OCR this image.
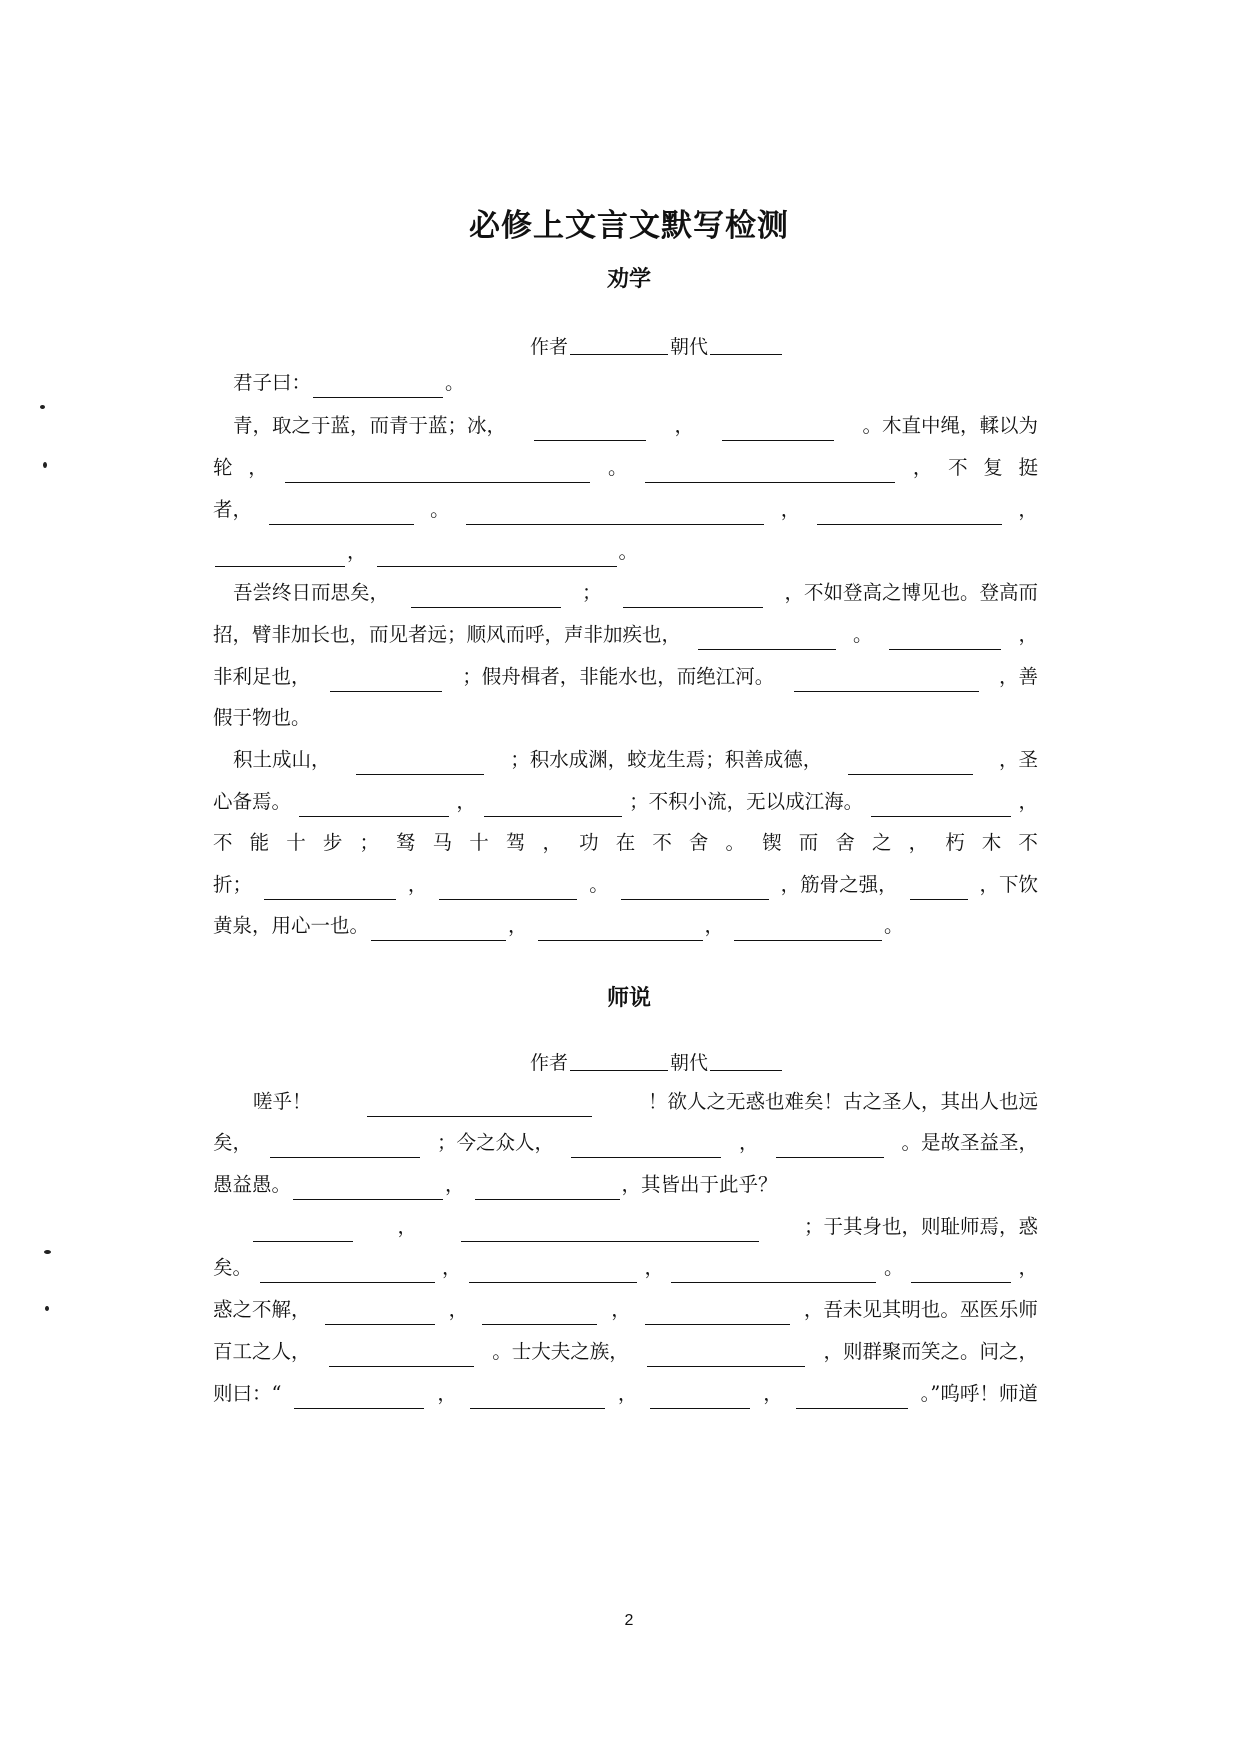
必修上文言文默写检测
劝学
作者	朝代
君子曰：	。
青，取之于蓝，而青于蓝；冰，	，	。木直中绳，輮以为
轮 ，	。	， 不 复 挺
者，	。	，	，
，	。
吾尝终日而思矣，	；	，不如登高之博见也。登高而
招，臂非加长也，而见者远；顺风而呼，声非加疾也，	。	，
非利足也，	；假舟楫者，非能水也，而绝江河。	，善
假于物也。
积土成山，	；积水成渊，蛟龙生焉；积善成德，	，圣
心备焉。	，	；不积小流，无以成江海。	，
不 能 十 步 ； 驽 马 十 驾 ， 功 在 不 舍 。 锲 而 舍 之 ， 朽 木 不
折；	，	。	，筋骨之强，	，下饮
黄泉，用心一也。	，	，	。
师说
作者	朝代
嗟乎！	！欲人之无惑也难矣！古之圣人，其出人也远
矣，	；今之众人，	，	。是故圣益圣，
愚益愚。	，	，其皆出于此乎？
，	；于其身也，则耻师焉，惑
矣。	，	，	。	，
惑之不解，	，	，	，吾未见其明也。巫医乐师
百工之人，	。士大夫之族，	，则群聚而笑之。问之，
则曰：“	，	，	，	。”呜呼！师道
2
